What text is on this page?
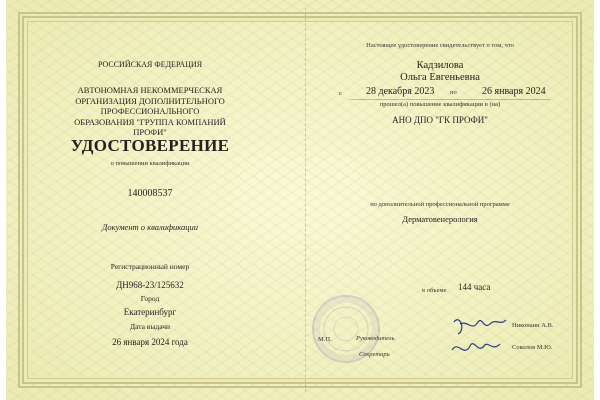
РОССИЙСКАЯ ФЕДЕРАЦИЯ
АВТОНОМНАЯ НЕКОММЕРЧЕСКАЯ
ОРГАНИЗАЦИЯ ДОПОЛНИТЕЛЬНОГО
ПРОФЕССИОНАЛЬНОГО
ОБРАЗОВАНИЯ "ГРУППА КОМПАНИЙ
ПРОФИ"
УДОСТОВЕРЕНИЕ
о повышении квалификации
140008537
Документ о квалификации
Регистрационный номер
ДН968-23/125632
Город
Екатеринбург
Дата выдачи
26 января 2024 года
Настоящее удостоверение свидетельствует о том, что
Кадзилова
Ольга Евгеньевна
с 28 декабря 2023 по	26 января 2024
прошел(а) повышение квалификации в (на)
АНО ДПО "ГК ПРОФИ"
по дополнительной профессиональной программе
Дерматовенерология
в объеме 144 часа
М.П.	Руководитель
Секретарь
Никонаин А.В.
Соколов М.Ю.
